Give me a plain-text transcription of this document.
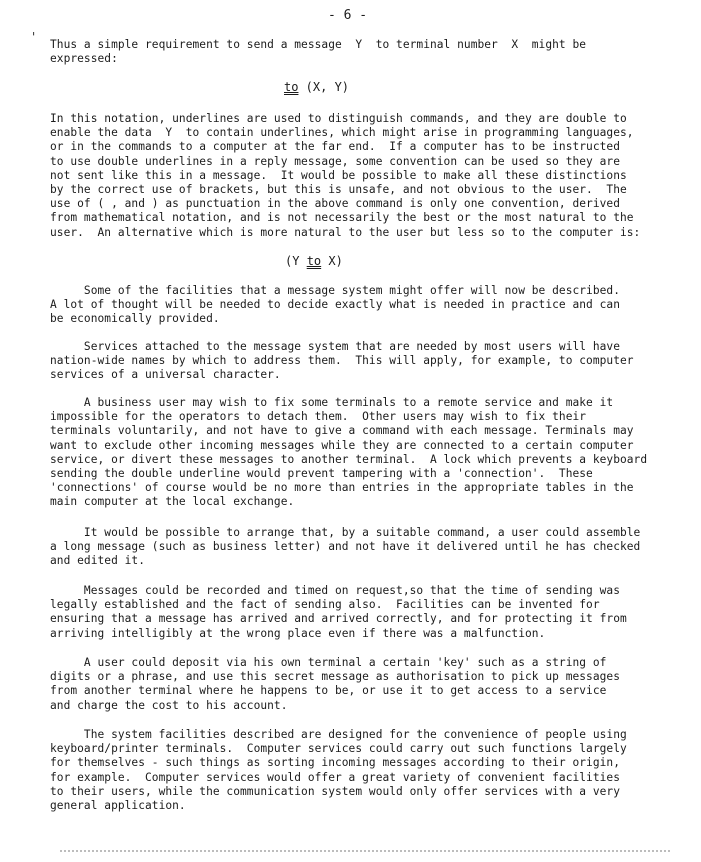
- 6 -
'
Thus a simple requirement to send a message  Y  to terminal number  X  might be
expressed:
to (X, Y)
In this notation, underlines are used to distinguish commands, and they are double to
enable the data  Y  to contain underlines, which might arise in programming languages,
or in the commands to a computer at the far end.  If a computer has to be instructed
to use double underlines in a reply message, some convention can be used so they are
not sent like this in a message.  It would be possible to make all these distinctions
by the correct use of brackets, but this is unsafe, and not obvious to the user.  The
use of ( , and ) as punctuation in the above command is only one convention, derived
from mathematical notation, and is not necessarily the best or the most natural to the
user.  An alternative which is more natural to the user but less so to the computer is:
(Y to X)
Some of the facilities that a message system might offer will now be described.
A lot of thought will be needed to decide exactly what is needed in practice and can
be economically provided.
Services attached to the message system that are needed by most users will have
nation-wide names by which to address them.  This will apply, for example, to computer
services of a universal character.
A business user may wish to fix some terminals to a remote service and make it
impossible for the operators to detach them.  Other users may wish to fix their
terminals voluntarily, and not have to give a command with each message. Terminals may
want to exclude other incoming messages while they are connected to a certain computer
service, or divert these messages to another terminal.  A lock which prevents a keyboard
sending the double underline would prevent tampering with a 'connection'.  These
'connections' of course would be no more than entries in the appropriate tables in the
main computer at the local exchange.
It would be possible to arrange that, by a suitable command, a user could assemble
a long message (such as business letter) and not have it delivered until he has checked
and edited it.
Messages could be recorded and timed on request,so that the time of sending was
legally established and the fact of sending also.  Facilities can be invented for
ensuring that a message has arrived and arrived correctly, and for protecting it from
arriving intelligibly at the wrong place even if there was a malfunction.
A user could deposit via his own terminal a certain 'key' such as a string of
digits or a phrase, and use this secret message as authorisation to pick up messages
from another terminal where he happens to be, or use it to get access to a service
and charge the cost to his account.
The system facilities described are designed for the convenience of people using
keyboard/printer terminals.  Computer services could carry out such functions largely
for themselves - such things as sorting incoming messages according to their origin,
for example.  Computer services would offer a great variety of convenient facilities
to their users, while the communication system would only offer services with a very
general application.
